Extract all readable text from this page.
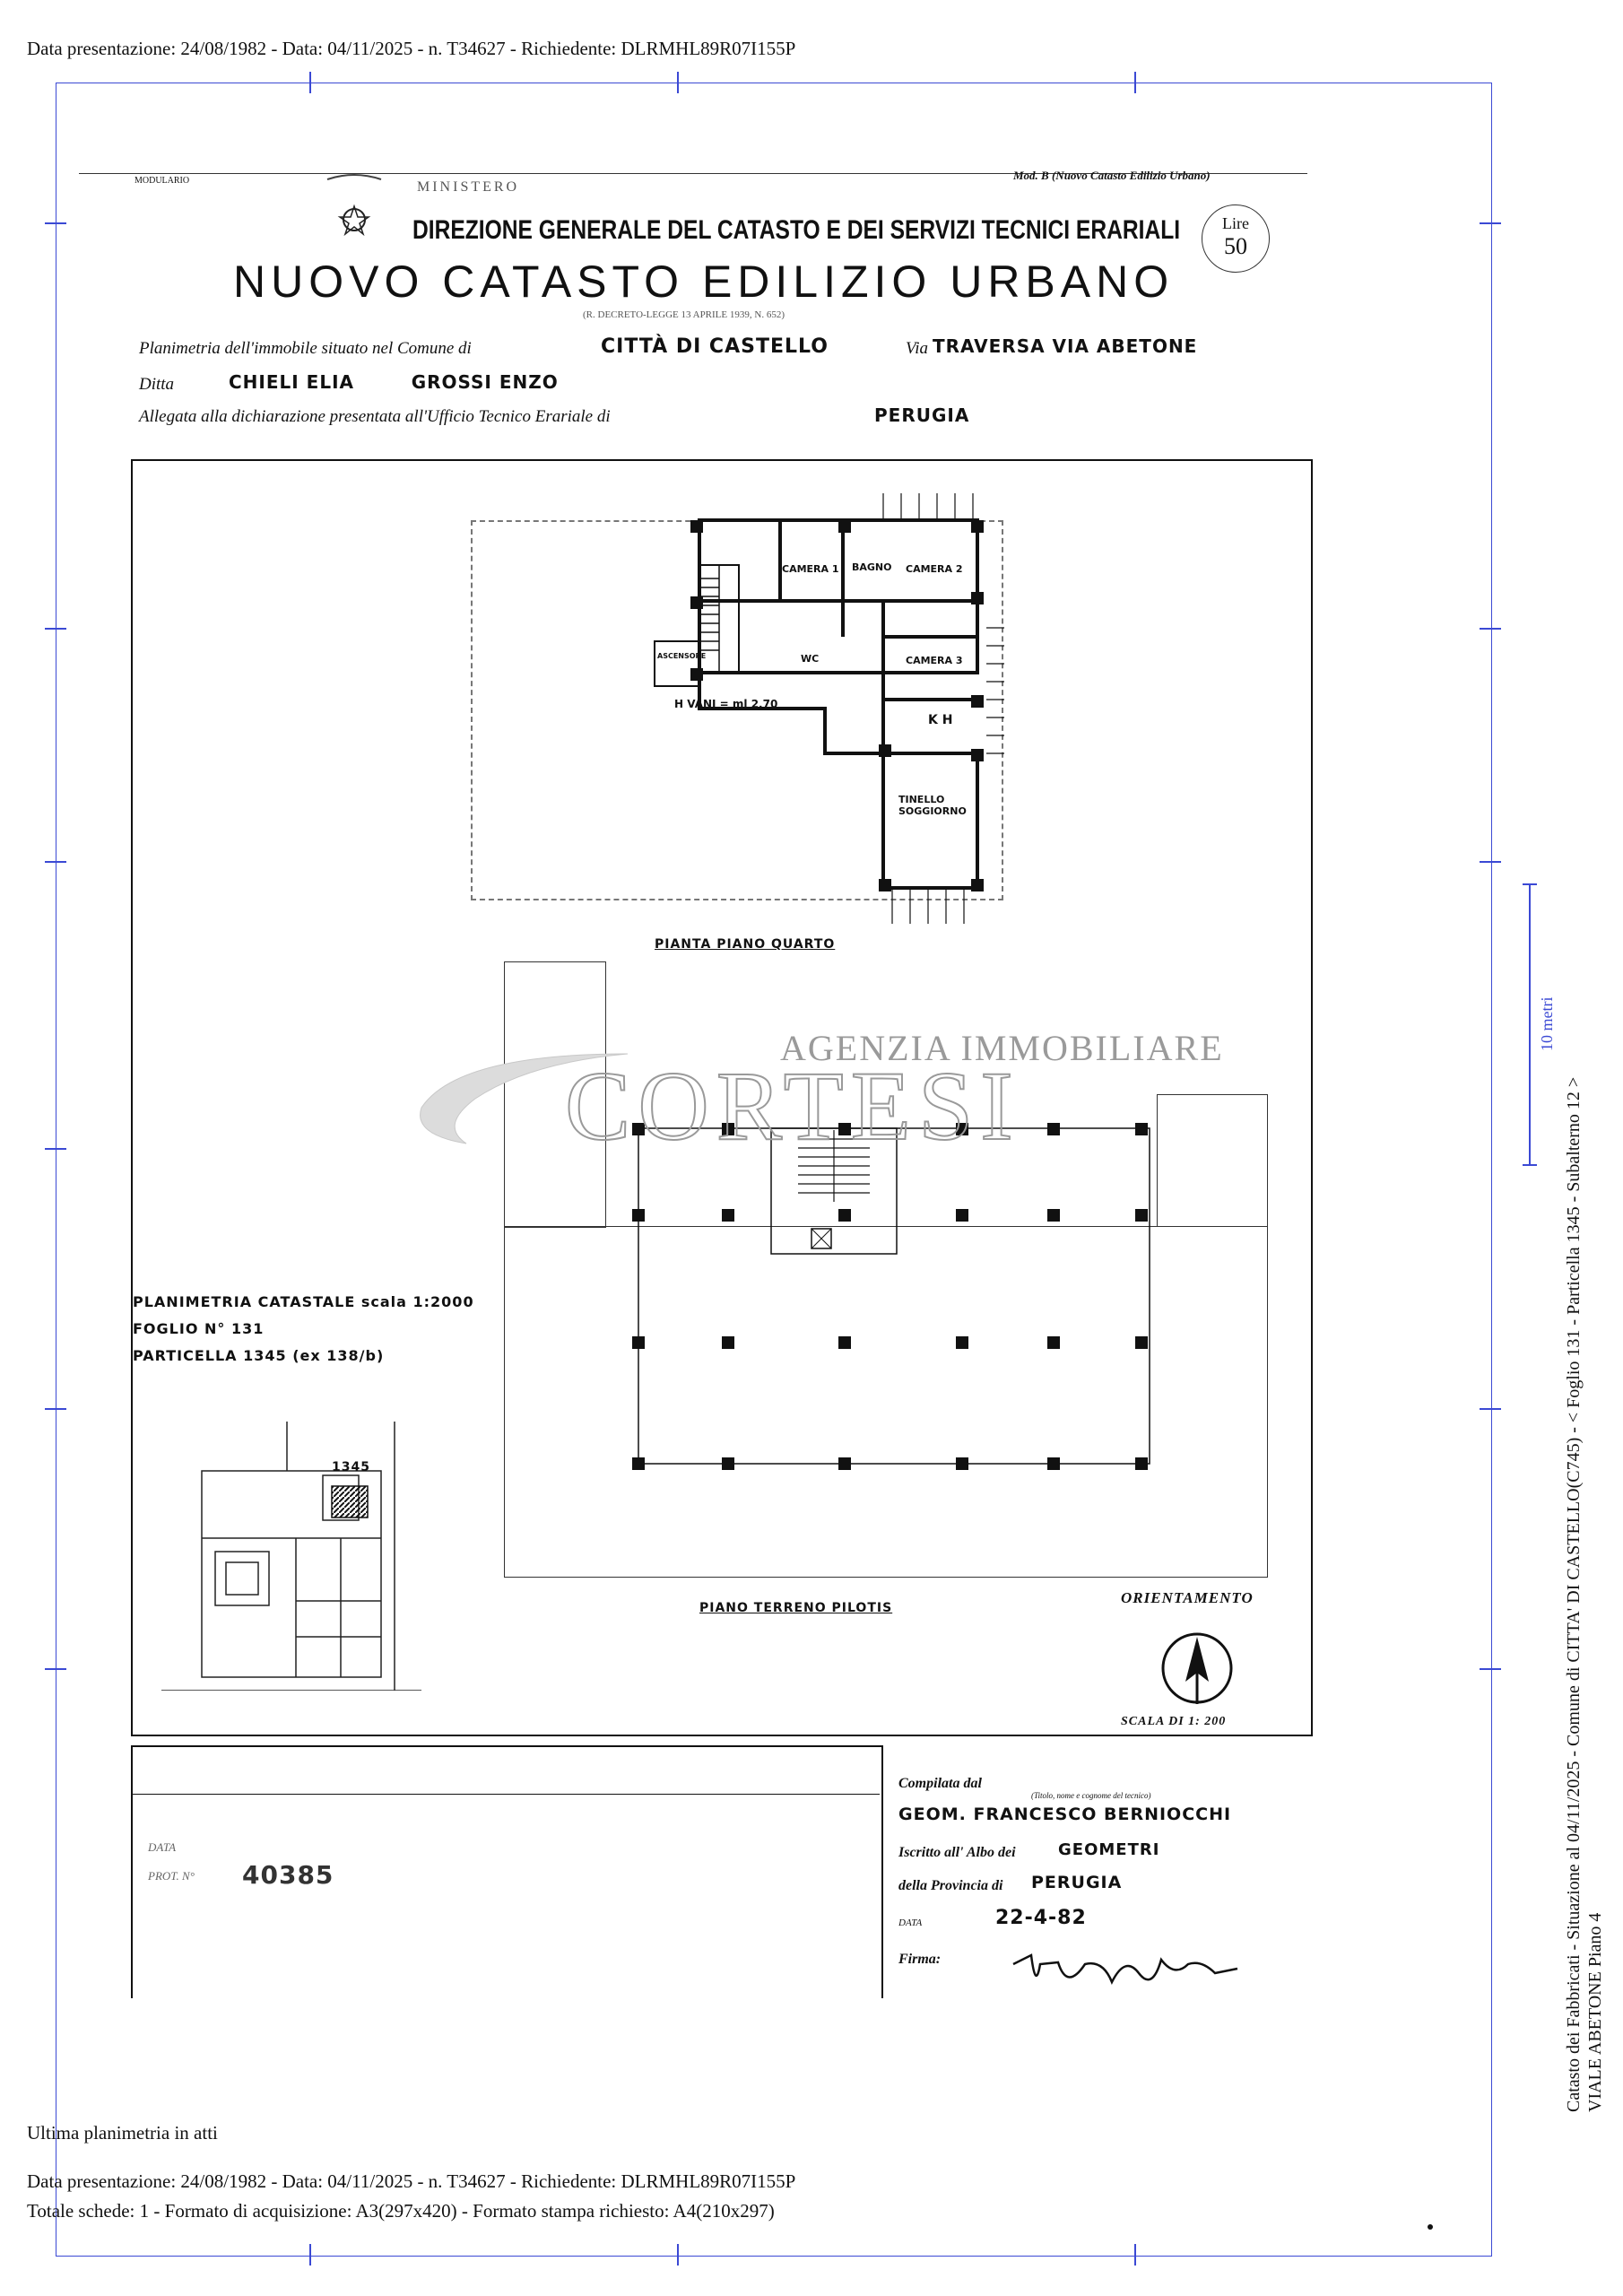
Data presentazione: 24/08/1982 - Data: 04/11/2025 - n. T34627 - Richiedente: DLRMHL89R07I155P
MODULARIO	MINISTERO
Mod. B (Nuovo Catasto Edilizio Urbano)
DIREZIONE GENERALE DEL CATASTO E DEI SERVIZI TECNICI ERARIALI
NUOVO CATASTO EDILIZIO URBANO
(R. DECRETO-LEGGE 13 APRILE 1939, N. 652)
Lire
50
Planimetria dell'immobile situato nel Comune di	CITTÀ DI CASTELLO	Via TRAVERSA VIA ABETONE
Ditta	CHIELI ELIA        GROSSI ENZO
Allegata alla dichiarazione presentata all'Ufficio Tecnico Erariale di	PERUGIA
CAMERA 1 BAGNO CAMERA 2
WC	CAMERA 3
K H
TINELLO SOGGIORNO
ASCENSORE
H VANI = ml 2,70
PIANTA PIANO QUARTO
PIANO TERRENO PILOTIS
ORIENTAMENTO
SCALA DI 1: 200
PLANIMETRIA CATASTALE scala 1:2000
FOGLIO N° 131
PARTICELLA 1345 (ex 138/b)
1345
AGENZIA IMMOBILIARE
CORTESI
DATA
PROT. N° 40385
Compilata dal
(Titolo, nome e cognome del tecnico)
GEOM. FRANCESCO BERNIOCCHI
Iscritto all' Albo dei	GEOMETRI
della Provincia di PERUGIA
DATA	22-4-82
Firma:
10 metri
Catasto dei Fabbricati - Situazione al 04/11/2025 - Comune di CITTA' DI CASTELLO(C745) - < Foglio 131 - Particella 1345 - Subalterno 12 > VIALE ABETONE Piano 4
Ultima planimetria in atti
Data presentazione: 24/08/1982 - Data: 04/11/2025 - n. T34627 - Richiedente: DLRMHL89R07I155P
Totale schede: 1 - Formato di acquisizione: A3(297x420) - Formato stampa richiesto: A4(210x297)
